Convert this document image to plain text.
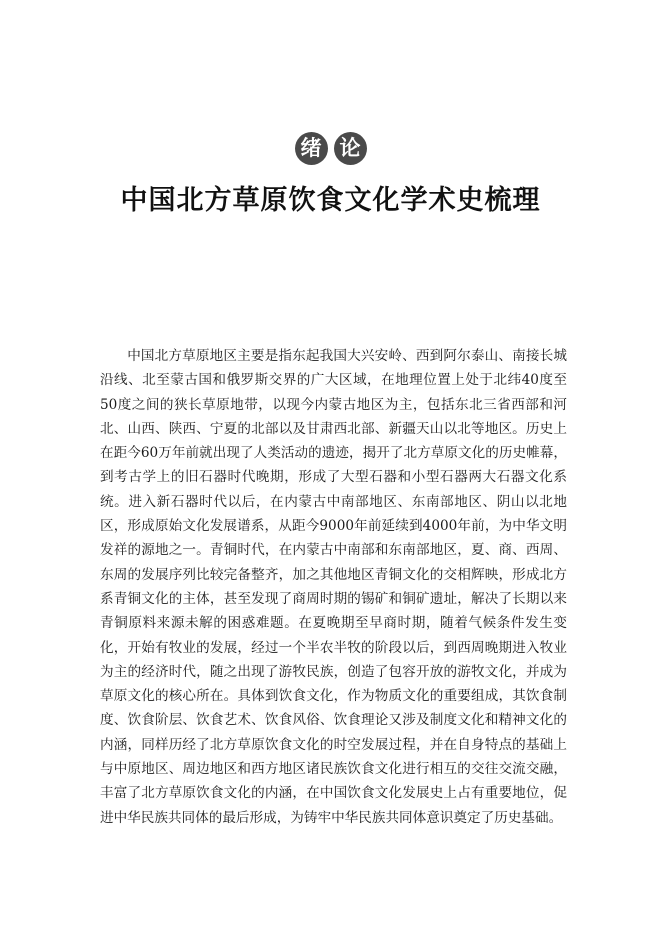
绪 论
中国北方草原饮食文化学术史梳理

中国北方草原地区主要是指东起我国大兴安岭、西到阿尔泰山、南接长城沿线、北至蒙古国和俄罗斯交界的广大区域，在地理位置上处于北纬40度至50度之间的狭长草原地带，以现今内蒙古地区为主，包括东北三省西部和河北、山西、陕西、宁夏的北部以及甘肃西北部、新疆天山以北等地区。历史上在距今60万年前就出现了人类活动的遗迹，揭开了北方草原文化的历史帷幕，到考古学上的旧石器时代晚期，形成了大型石器和小型石器两大石器文化系统。进入新石器时代以后，在内蒙古中南部地区、东南部地区、阴山以北地区，形成原始文化发展谱系，从距今9000年前延续到4000年前，为中华文明发祥的源地之一。青铜时代，在内蒙古中南部和东南部地区，夏、商、西周、东周的发展序列比较完备整齐，加之其他地区青铜文化的交相辉映，形成北方系青铜文化的主体，甚至发现了商周时期的锡矿和铜矿遗址，解决了长期以来青铜原料来源未解的困惑难题。在夏晚期至早商时期，随着气候条件发生变化，开始有牧业的发展，经过一个半农半牧的阶段以后，到西周晚期进入牧业为主的经济时代，随之出现了游牧民族，创造了包容开放的游牧文化，并成为草原文化的核心所在。具体到饮食文化，作为物质文化的重要组成，其饮食制度、饮食阶层、饮食艺术、饮食风俗、饮食理论又涉及制度文化和精神文化的内涵，同样历经了北方草原饮食文化的时空发展过程，并在自身特点的基础上与中原地区、周边地区和西方地区诸民族饮食文化进行相互的交往交流交融，丰富了北方草原饮食文化的内涵，在中国饮食文化发展史上占有重要地位，促进中华民族共同体的最后形成，为铸牢中华民族共同体意识奠定了历史基础。
